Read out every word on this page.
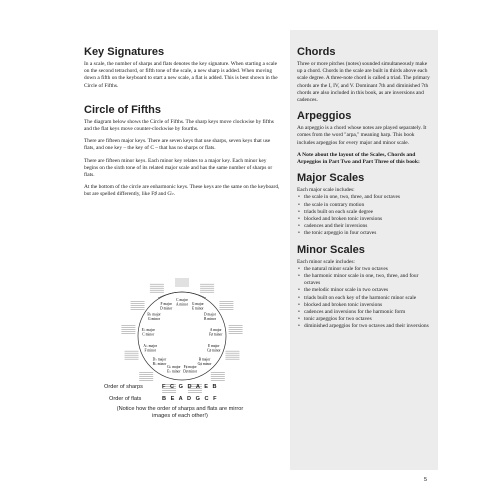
Key Signatures

In a scale, the number of sharps and flats denotes the key signature. When starting a scale on the second tetrachord, or fifth tone of the scale, a new sharp is added. When moving down a fifth on the keyboard to start a new scale, a flat is added. This is best shown in the Circle of Fifths.

Circle of Fifths

The diagram below shows the Circle of Fifths. The sharp keys move clockwise by fifths and the flat keys move counter-clockwise by fourths.

There are fifteen major keys. There are seven keys that use sharps, seven keys that use flats, and one key – the key of C – that has no sharps or flats.

There are fifteen minor keys. Each minor key relates to a major key. Each minor key begins on the sixth tone of its related major scale and has the same number of sharps or flats.

At the bottom of the circle are enharmonic keys. These keys are the same on the keyboard, but are spelled differently, like F♯ and G♭.

C major
A minor G major
E minor
D major
B minor
A major
F♯ minor
E major
C♯ minor
B major
G♯ minor
F♯ major
D♯ minor
G♭ major
E♭ minor
D♭ major
B♭ minor
A♭ major
F minor
E♭ major
C minor
B♭ major
G minor
F major
D minor
Order of sharps	F C G D A E B
Order of flats	B E A D G C F
(Notice how the order of sharps and flats are mirror images of each other!)
Chords

Three or more pitches (notes) sounded simultaneously make up a chord. Chords in the scale are built in thirds above each scale degree. A three-note chord is called a triad. The primary chords are the I, IV, and V. Dominant 7th and diminished 7th chords are also included in this book, as are inversions and cadences.

Arpeggios

An arpeggio is a chord whose notes are played separately. It comes from the word "arpa," meaning harp. This book includes arpeggios for every major and minor scale.

A Note about the layout of the Scales, Chords and Arpeggios in Part Two and Part Three of this book:
Major Scales

Each major scale includes:

• the scale in one, two, three, and four octaves
• the scale in contrary motion
• triads built on each scale degree
• blocked and broken tonic inversions
• cadences and their inversions
• the tonic arpeggio in four octaves
Minor Scales

Each minor scale includes:

• the natural minor scale for two octaves
• the harmonic minor scale in one, two, three, and four octaves
• the melodic minor scale in two octaves
• triads built on each key of the harmonic minor scale
• blocked and broken tonic inversions
• cadences and inversions for the harmonic form
• tonic arpeggios for two octaves
• diminished arpeggios for two octaves and their inversions
5
